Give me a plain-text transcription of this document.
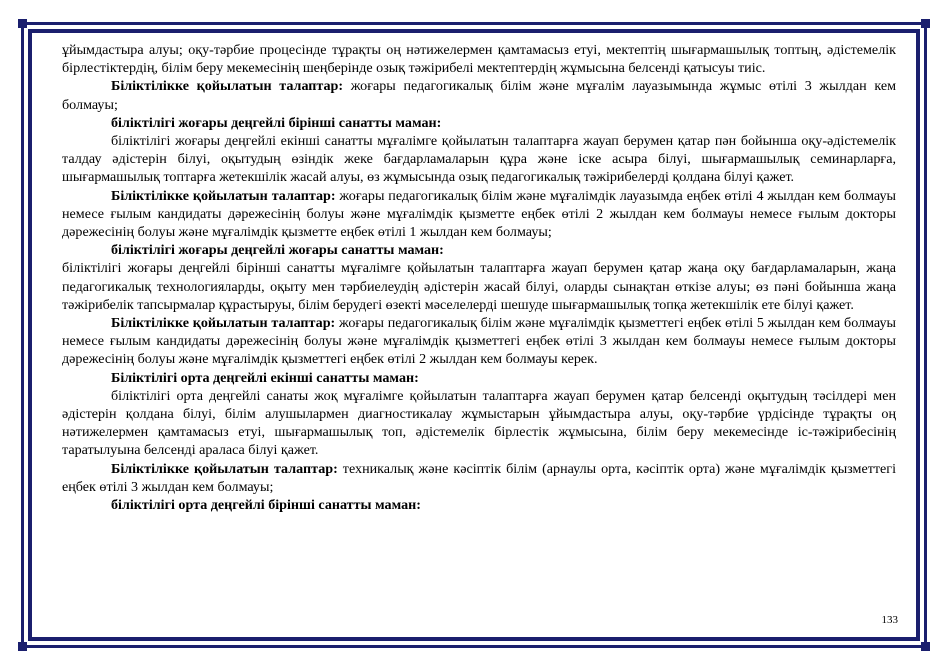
ұйымдастыра алуы; оқу-тәрбие процесінде тұрақты оң нәтижелермен қамтамасыз етуі, мектептің шығармашылық топтың, әдістемелік бірлестіктердің, білім беру мекемесінің шеңберінде озық тәжірибелі мектептердің жұмысына белсенді қатысуы тиіс.

Біліктілікке қойылатын талаптар: жоғары педагогикалық білім және мұғалім лауазымында жұмыс өтілі 3 жылдан кем болмауы;

біліктілігі жоғары деңгейлі бірінші санатты маман:

біліктілігі жоғары деңгейлі екінші санатты мұғалімге қойылатын талаптарға жауап берумен қатар пән бойынша оқу-әдістемелік талдау әдістерін білуі, оқытудың өзіндік жеке бағдарламаларын құра және іске асыра білуі, шығармашылық семинарларға, шығармашылық топтарға жетекшілік жасай алуы, өз жұмысында озық педагогикалық тәжірибелерді қолдана білуі қажет.

Біліктілікке қойылатын талаптар: жоғары педагогикалық білім және мұғалімдік лауазымда еңбек өтілі 4 жылдан кем болмауы немесе ғылым кандидаты дәрежесінің болуы және мұғалімдік қызметте еңбек өтілі 2 жылдан кем болмауы немесе ғылым докторы дәрежесінің болуы және мұғалімдік қызметте еңбек өтілі 1 жылдан кем болмауы;

біліктілігі жоғары деңгейлі жоғары санатты маман:

біліктілігі жоғары деңгейлі бірінші санатты мұғалімге қойылатын талаптарға жауап берумен қатар жаңа оқу бағдарламаларын, жаңа педагогикалық технологияларды, оқыту мен тәрбиелеудің әдістерін жасай білуі, оларды сынақтан өткізе алуы; өз пәні бойынша жаңа тәжірибелік тапсырмалар құрастыруы, білім берудегі өзекті мәселелерді шешуде шығармашылық топқа жетекшілік ете білуі қажет.

Біліктілікке қойылатын талаптар: жоғары педагогикалық білім және мұғалімдік қызметтегі еңбек өтілі 5 жылдан кем болмауы немесе ғылым кандидаты дәрежесінің болуы және мұғалімдік қызметтегі еңбек өтілі 3 жылдан кем болмауы немесе ғылым докторы дәрежесінің болуы және мұғалімдік қызметтегі еңбек өтілі 2 жылдан кем болмауы керек.

Біліктілігі орта деңгейлі екінші санатты маман:

біліктілігі орта деңгейлі санаты жоқ мұғалімге қойылатын талаптарға жауап берумен қатар белсенді оқытудың тәсілдері мен әдістерін қолдана білуі, білім алушылармен диагностикалау жұмыстарын ұйымдастыра алуы, оқу-тәрбие үрдісінде тұрақты оң нәтижелермен қамтамасыз етуі, шығармашылық топ, әдістемелік бірлестік жұмысына, білім беру мекемесінде іс-тәжірибесінің таратылуына белсенді араласа білуі қажет.

Біліктілікке қойылатын талаптар: техникалық және кәсіптік білім (арнаулы орта, кәсіптік орта) және мұғалімдік қызметтегі еңбек өтілі 3 жылдан кем болмауы;

біліктілігі орта деңгейлі бірінші санатты маман:

133
